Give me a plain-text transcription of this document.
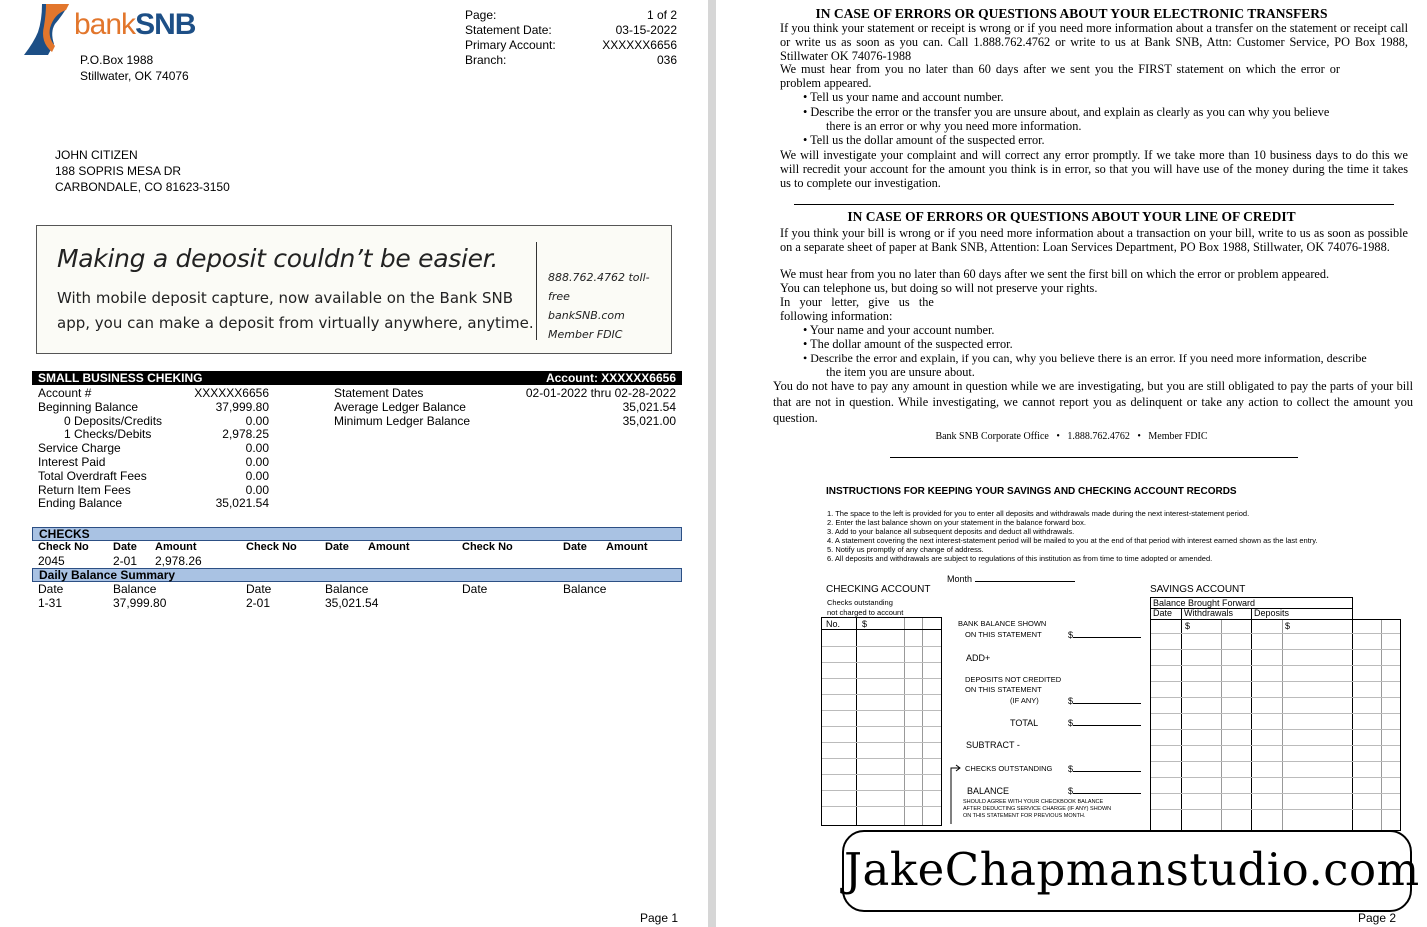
bankSNB
P.O.Box 1988
Stillwater, OK 74076
Page:	1 of 2
Statement Date:	03-15-2022
Primary Account:	XXXXXX6656
Branch:	036
JOHN CITIZEN
188 SOPRIS MESA DR
CARBONDALE, CO 81623-3150
Making a deposit couldn’t be easier.
With mobile deposit capture, now available on the Bank SNB app, you can make a deposit from virtually anywhere, anytime.
888.762.4762 toll-free
bankSNB.com
Member FDIC
SMALL BUSINESS CHEKING	Account: XXXXXX6656
Account #	XXXXXX6656
Beginning Balance	37,999.80
0 Deposits/Credits	0.00
1 Checks/Debits	2,978.25
Service Charge	0.00
Interest Paid	0.00
Total Overdraft Fees	0.00
Return Item Fees	0.00
Ending Balance	35,021.54
Statement Dates	02-01-2022 thru 02-28-2022
Average Ledger Balance	35,021.54
Minimum Ledger Balance	35,021.00
CHECKS
Check No Date Amount	Check No	Date Amount	Check No	Date Amount
2045	2-01 2,978.26
Daily Balance Summary
Date	Balance	Date	Balance	Date	Balance
1-31	37,999.80	2-01	35,021.54
Page 1
IN CASE OF ERRORS OR QUESTIONS ABOUT YOUR ELECTRONIC TRANSFERS
If you think your statement or receipt is wrong or if you need more information about a transfer on the statement or receipt call or write us as soon as you can. Call 1.888.762.4762 or write to us at Bank SNB, Attn: Customer Service, PO Box 1988, Stillwater OK 74076-1988
We must hear from you no later than 60 days after we sent you the FIRST statement on which the error or problem appeared.
• Tell us your name and account number.
• Describe the error or the transfer you are unsure about, and explain as clearly as you can why you believe
there is an error or why you need more information.
• Tell us the dollar amount of the suspected error.
We will investigate your complaint and will correct any error promptly. If we take more than 10 business days to do this we will recredit your account for the amount you think is in error, so that you will have use of the money during the time it takes us to complete our investigation.
IN CASE OF ERRORS OR QUESTIONS ABOUT YOUR LINE OF CREDIT
If you think your bill is wrong or if you need more information about a transaction on your bill, write to us as soon as possible on a separate sheet of paper at Bank SNB, Attention: Loan Services Department, PO Box 1988, Stillwater, OK 74076-1988.
We must hear from you no later than 60 days after we sent the first bill on which the error or problem appeared.
You can telephone us, but doing so will not preserve your rights.
In   your   letter,   give   us   the
following information:
• Your name and your account number.
• The dollar amount of the suspected error.
• Describe the error and explain, if you can, why you believe there is an error. If you need more information, describe
the item you are unsure about.
You do not have to pay any amount in question while we are investigating, but you are still obligated to pay the parts of your bill that are not in question. While investigating, we cannot report you as delinquent or take any action to collect the amount you question.
Bank SNB Corporate Office • 1.888.762.4762 • Member FDIC
INSTRUCTIONS FOR KEEPING YOUR SAVINGS AND CHECKING ACCOUNT RECORDS
1. The space to the left is provided for you to enter all deposits and withdrawals made during the next interest-statement period.
2. Enter the last balance shown on your statement in the balance forward box.
3. Add to your balance all subsequent deposits and deduct all withdrawals.
4. A statement covering the next interest-statement period will be mailed to you at the end of that period with interest earned shown as the last entry.
5. Notify us promptly of any change of address.
6. All deposits and withdrawals are subject to regulations of this institution as from time to time adopted or amended.
Month
CHECKING ACCOUNT
Checks outstanding
not charged to account
No. $	BANK BALANCE SHOWN
ON THIS STATEMENT	$
ADD+
DEPOSITS NOT CREDITED
ON THIS STATEMENT
(IF ANY)	$
TOTAL	$
SUBTRACT -
CHECKS OUTSTANDING $
BALANCE	$
SHOULD AGREE WITH YOUR CHECKBOOK BALANCE
AFTER DEDUCTING SERVICE CHARGE (IF ANY) SHOWN
ON THIS STATEMENT FOR PREVIOUS MONTH.
SAVINGS ACCOUNT
Balance Brought Forward
Date Withdrawals Deposits
$	$
JakeChapmanstudio.com
Page 2
